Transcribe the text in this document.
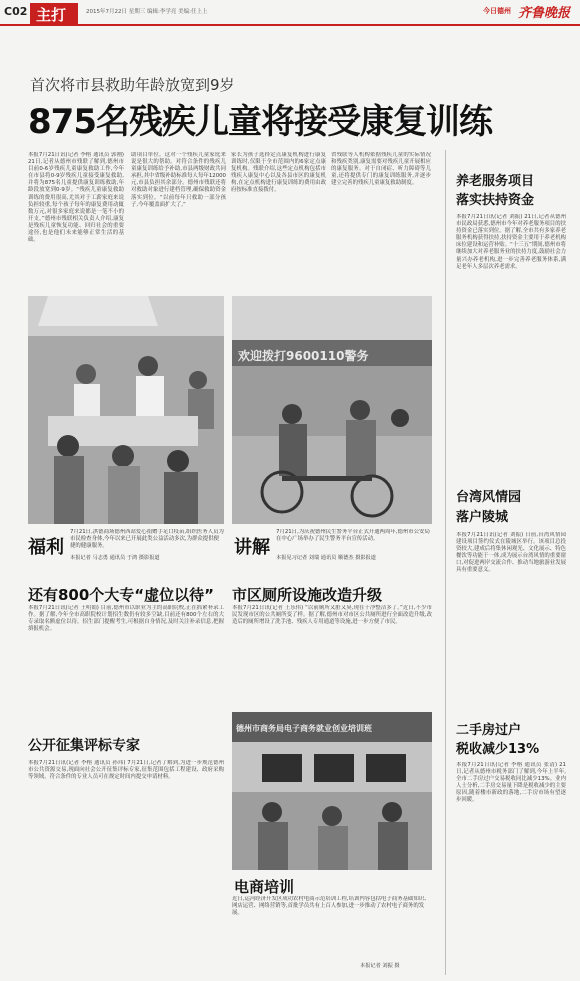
C02 主打	2015年7月22日 星期三 编辑:李学亮 美编:任上上	今日德州 齐鲁晚报
首次将市县救助年龄放宽到9岁
875名残疾儿童将接受康复训练
本报7月21日讯(记者 李榕 通讯员 郭刚) 21日,记者从德州市残联了解到,德州市目前0-6岁残疾儿童康复救助工作,今年在市县将0-9岁残疾儿童接受康复救助,并将为875名儿童提供康复训练救助,年龄段放宽到0-9岁。“残疾儿童康复救助训练的费用很高,尤其对于工薪家庭来说负担较重,每个孩子每年的康复费用动辄数万元,对很多家庭来说都是一笔不小的开支。”德州市残联相关负责人介绍,康复是残疾儿童恢复功能、回归社会的重要途径,也是他们未来能够正常生活的基础。
助项目单位。这对一个残疾儿童家庭来说是很大的帮助。对符合条件的残疾儿童康复训练给予补助,市县两级财政共同承担,其中省级补助标准每人每年12000元,市县负担其余部分。德州市残联还将对救助对象进行建档管理,确保救助资金落实到位。“以前每年只救助一部分孩子,今年覆盖面扩大了,”
家长为孩子选择定点康复机构进行康复训练时,仅限于全市范围内的6家定点康复机构。残联介绍,这些定点机构包括市残疾人康复中心以及各县市区的康复机构,在定点机构进行康复训练的费用由政府按标准直接拨付。
省残联等人机构依据残疾儿童的实际情况和残疾类别,康复需要对残疾儿童开展相应的康复服务。对于自闭症、听力障碍等儿童,还将提供专门的康复训练服务,并逐步建立完善的残疾儿童康复救助制度。	养老服务项目
落实扶持资金
本报7月21日讯(记者 刘振) 21日,记者从德州市民政局获悉,德州市今年对养老服务项目的扶持资金已落实到位。据了解,全市共有多家养老服务机构获得扶持,扶持资金主要用于养老机构床位建设和运营补贴。“十三五”期间,德州市将继续加大对养老服务业的扶持力度,鼓励社会力量兴办养老机构,进一步完善养老服务体系,满足老年人多层次养老需求。
台湾风情园
落户陵城
本报7月21日讯(记者 刘振) 日前,台湾风情园建设项目签约仪式在陵城区举行。该项目总投资较大,建成后将集休闲观光、文化展示、特色餐饮等功能于一体,成为展示台湾风情的重要窗口,对促进两岸交流合作、推动当地旅游业发展具有重要意义。
二手房过户
税收减少13%
本报7月21日讯(记者 李榕 通讯员 张清) 21日,记者从德州市税务部门了解到,今年上半年,全市二手房过户交易税收同比减少13%。业内人士分析,二手房交易量下降是税收减少的主要原因,随着楼市新政的落地,二手房市场有望逐步回暖。
福利
7月21日,淇德商场德州西站爱心捐赠手足口疫苗,组织医务人员为市民检查身体,今年以来已开展此类公益活动多次,为群众提供便捷的健康服务。
本报记者 马志勇 通讯员 于鸿 摄影报道
欢迎拨打9600110警务
讲解
7月21日,为庆祝德州民生警务平台正式开通两周年,德州市公安局在中心广场举办了民生警务平台宣传活动。
本报见习记者 刘瑞 通讯员 顺德杰 摄影报道
还有800个大专“虚位以待”
本报7月21日讯(记者 王明娟) 目前,德州市以职业为主的高职院校,正在抓紧补录工作。据了解,今年全市高职院校计划招生数仍有较多空缺,目前还有800个左右的大专录取名额虚位以待。招生部门提醒考生,可根据自身情况,及时关注补录信息,把握填报机会。
市区厕所设施改造升级
本报7月21日讯(记者 王乐伟) “以前厕所又脏又臭,现在干净整洁多了。”近日,不少市民发现市区的公共厕所变了样。据了解,德州市对市区公共厕所进行全面改造升级,改造后的厕所增设了洗手池、残疾人专用通道等设施,进一步方便了市民。
公开征集评标专家
本报7月21日讯(记者 李榕 通讯员 孙玮) 7月21日,记者了解到,为进一步规范德州市公共资源交易,现面向社会公开征集评标专家,征集范围包括工程建设、政府采购等领域。符合条件的专业人员可在规定时间内提交申请材料。
德州市商务局电子商务就业创业培训班
电商培训
近日,运河经济开发区成功农村电商示范培训工程,培训内容包括电子商务基础知识、网店运营、网络营销等,首批学员共有上百人参加,进一步推动了农村电子商务的发展。
本报记者 刘振 摄
